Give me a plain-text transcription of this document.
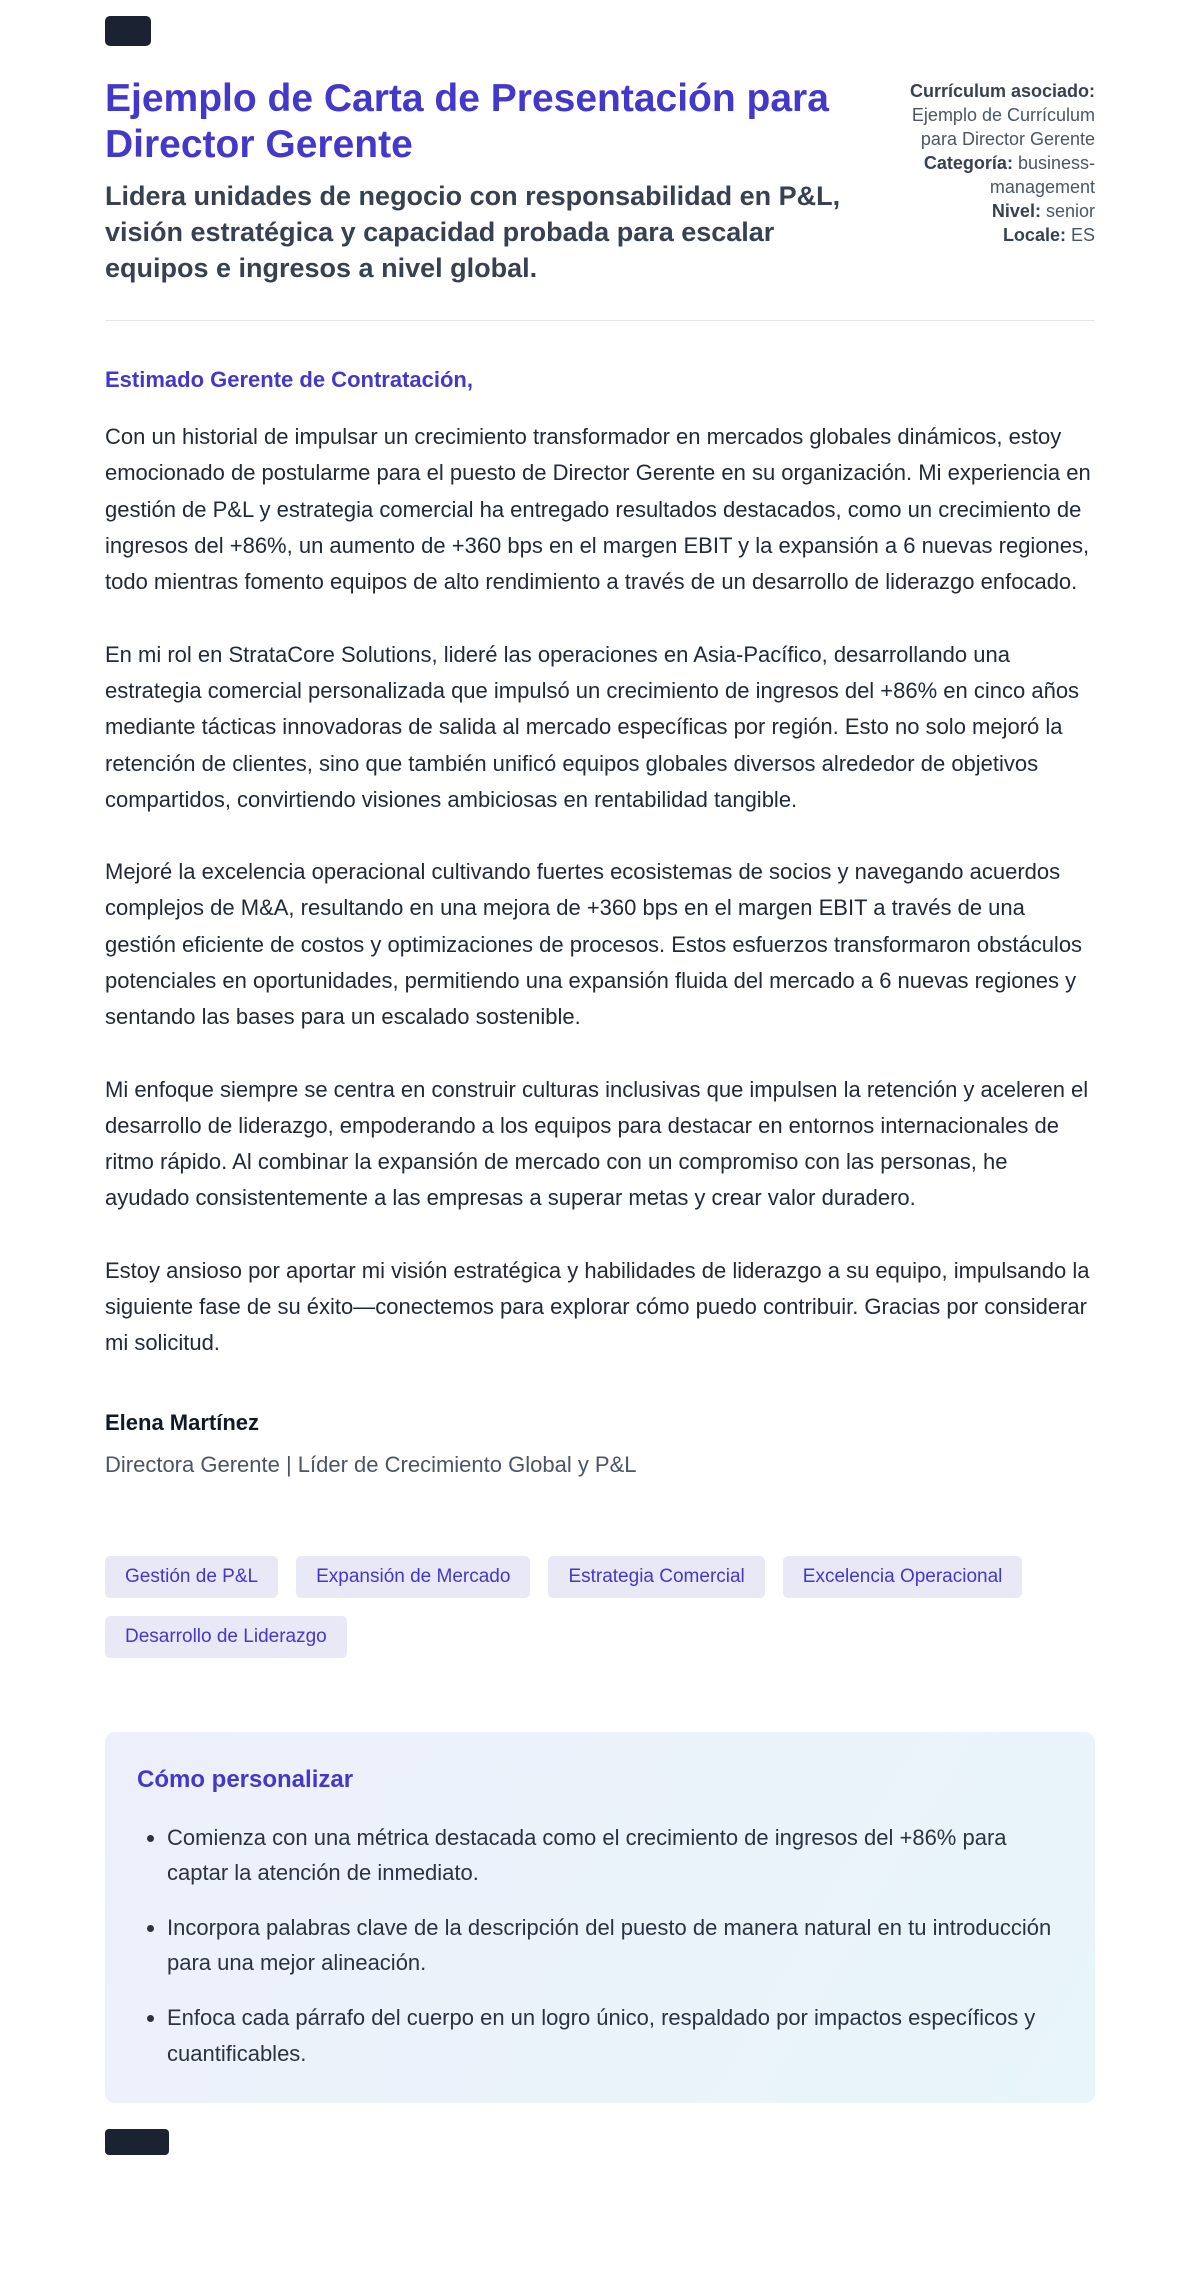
Ejemplo de Carta de Presentación para Director Gerente

Lidera unidades de negocio con responsabilidad en P&L, visión estratégica y capacidad probada para escalar equipos e ingresos a nivel global.

Currículum asociado: Ejemplo de Currículum para Director Gerente
Categoría: business-management
Nivel: senior
Locale: ES

Estimado Gerente de Contratación,

Con un historial de impulsar un crecimiento transformador en mercados globales dinámicos, estoy emocionado de postularme para el puesto de Director Gerente en su organización. Mi experiencia en gestión de P&L y estrategia comercial ha entregado resultados destacados, como un crecimiento de ingresos del +86%, un aumento de +360 bps en el margen EBIT y la expansión a 6 nuevas regiones, todo mientras fomento equipos de alto rendimiento a través de un desarrollo de liderazgo enfocado.

En mi rol en StrataCore Solutions, lideré las operaciones en Asia-Pacífico, desarrollando una estrategia comercial personalizada que impulsó un crecimiento de ingresos del +86% en cinco años mediante tácticas innovadoras de salida al mercado específicas por región. Esto no solo mejoró la retención de clientes, sino que también unificó equipos globales diversos alrededor de objetivos compartidos, convirtiendo visiones ambiciosas en rentabilidad tangible.

Mejoré la excelencia operacional cultivando fuertes ecosistemas de socios y navegando acuerdos complejos de M&A, resultando en una mejora de +360 bps en el margen EBIT a través de una gestión eficiente de costos y optimizaciones de procesos. Estos esfuerzos transformaron obstáculos potenciales en oportunidades, permitiendo una expansión fluida del mercado a 6 nuevas regiones y sentando las bases para un escalado sostenible.

Mi enfoque siempre se centra en construir culturas inclusivas que impulsen la retención y aceleren el desarrollo de liderazgo, empoderando a los equipos para destacar en entornos internacionales de ritmo rápido. Al combinar la expansión de mercado con un compromiso con las personas, he ayudado consistentemente a las empresas a superar metas y crear valor duradero.

Estoy ansioso por aportar mi visión estratégica y habilidades de liderazgo a su equipo, impulsando la siguiente fase de su éxito—conectemos para explorar cómo puedo contribuir. Gracias por considerar mi solicitud.

Elena Martínez

Directora Gerente | Líder de Crecimiento Global y P&L

Gestión de P&L	Expansión de Mercado	Estrategia Comercial	Excelencia Operacional
Desarrollo de Liderazgo
Cómo personalizar
• Comienza con una métrica destacada como el crecimiento de ingresos del +86% para captar la atención de inmediato.
• Incorpora palabras clave de la descripción del puesto de manera natural en tu introducción para una mejor alineación.
• Enfoca cada párrafo del cuerpo en un logro único, respaldado por impactos específicos y cuantificables.
